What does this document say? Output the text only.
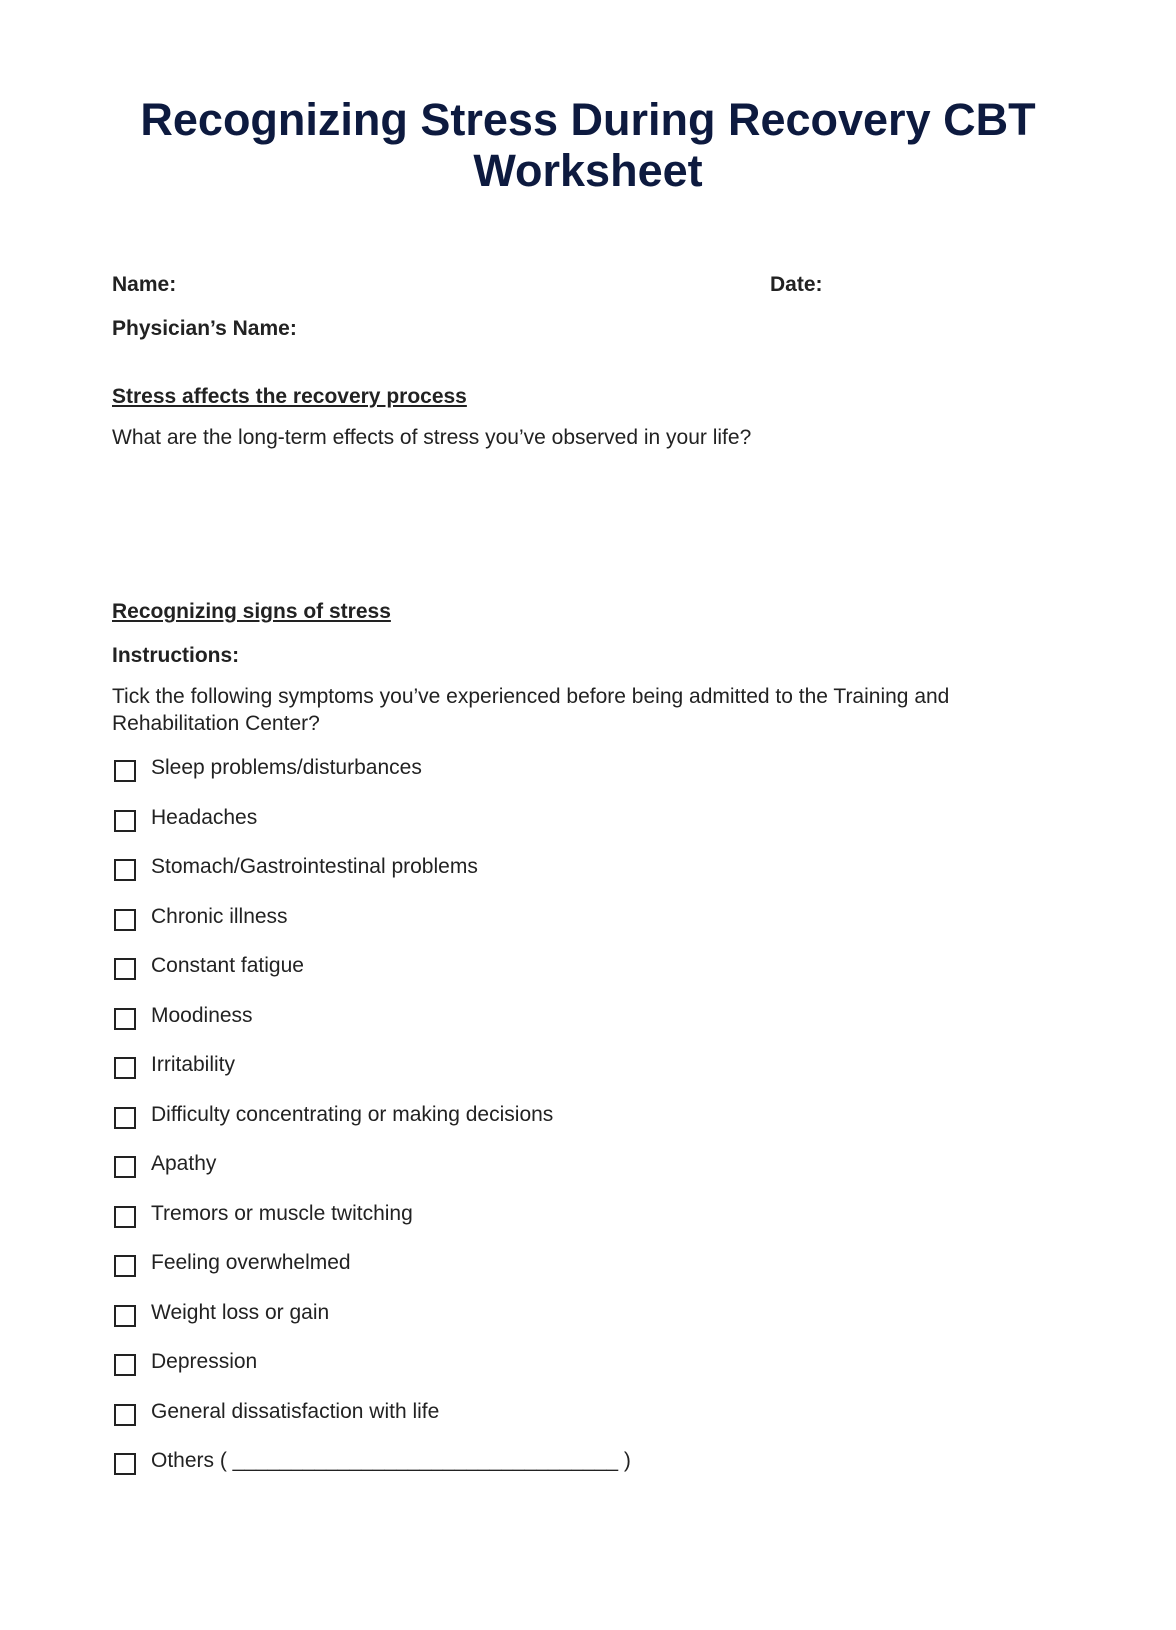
Recognizing Stress During Recovery CBT Worksheet
Name:	Date:
Physician’s Name:
Stress affects the recovery process
What are the long-term effects of stress you’ve observed in your life?
Recognizing signs of stress
Instructions:
Tick the following symptoms you’ve experienced before being admitted to the Training and Rehabilitation Center?
Sleep problems/disturbances
Headaches
Stomach/Gastrointestinal problems
Chronic illness
Constant fatigue
Moodiness
Irritability
Difficulty concentrating or making decisions
Apathy
Tremors or muscle twitching
Feeling overwhelmed
Weight loss or gain
Depression
General dissatisfaction with life
Others ( _________________________________ )
